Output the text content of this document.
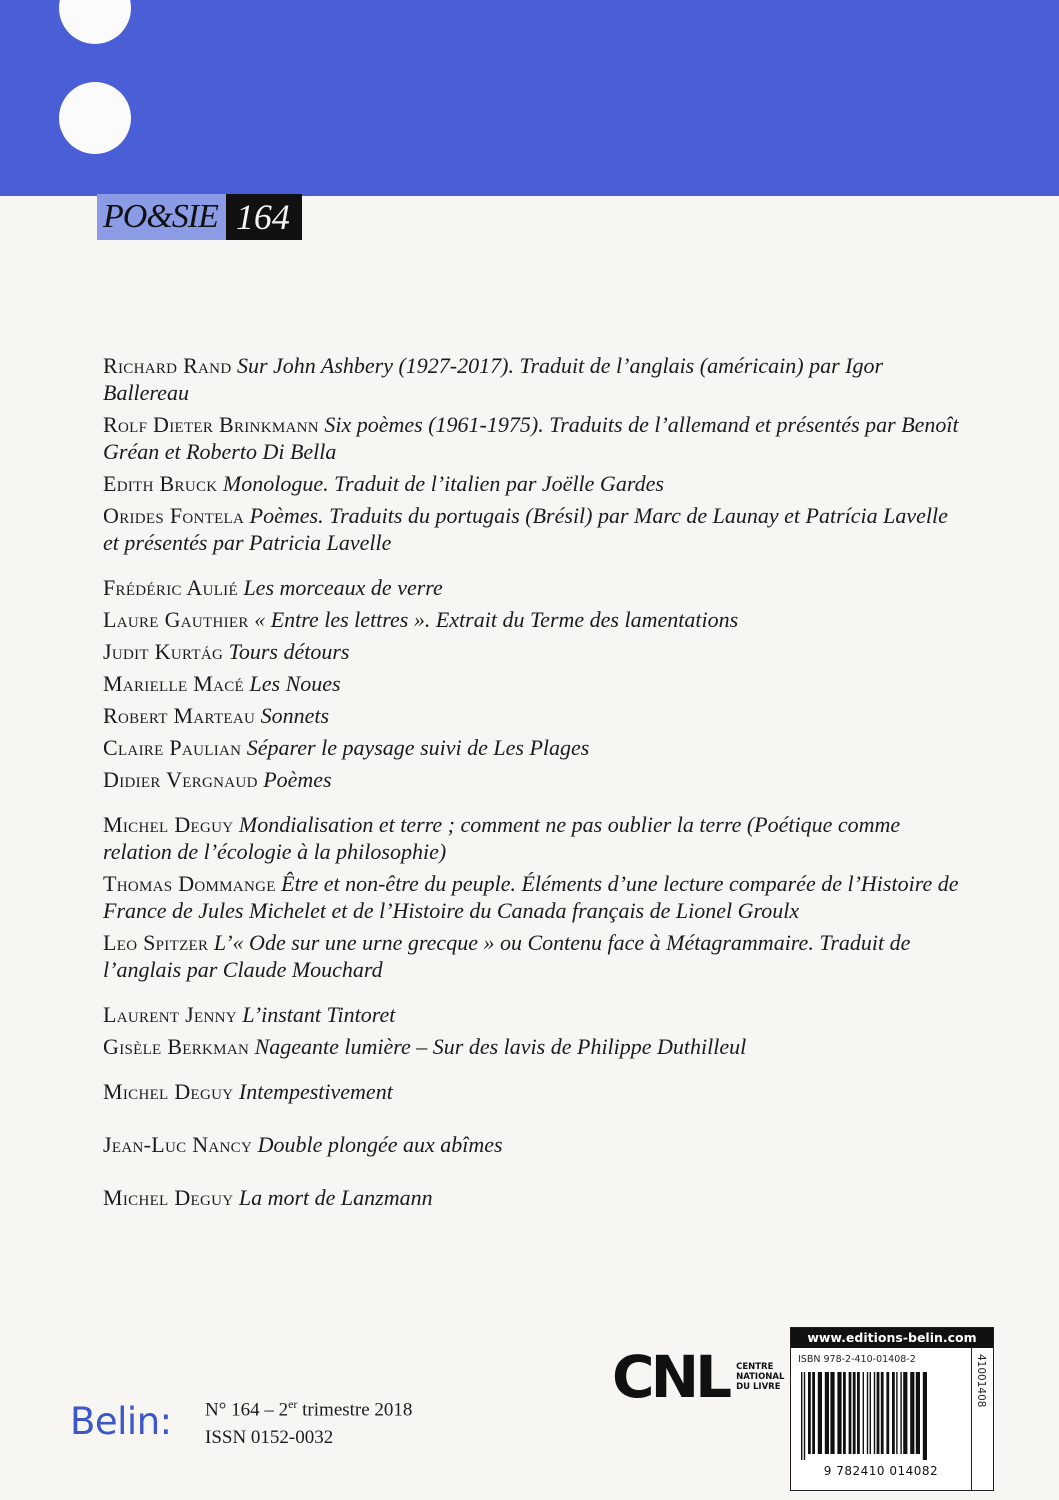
PO&SIE 164
Richard Rand Sur John Ashbery (1927-2017). Traduit de l’anglais (américain) par Igor Ballereau
Rolf Dieter Brinkmann Six poèmes (1961-1975). Traduits de l’allemand et présentés par Benoît Gréan et Roberto Di Bella
Edith Bruck Monologue. Traduit de l’italien par Joëlle Gardes
Orides Fontela Poèmes. Traduits du portugais (Brésil) par Marc de Launay et Patrícia Lavelle et présentés par Patricia Lavelle
Frédéric Aulié Les morceaux de verre
Laure Gauthier « Entre les lettres ». Extrait du Terme des lamentations
Judit Kurtág Tours détours
Marielle Macé Les Noues
Robert Marteau Sonnets
Claire Paulian Séparer le paysage suivi de Les Plages
Didier Vergnaud Poèmes
Michel Deguy Mondialisation et terre ; comment ne pas oublier la terre (Poétique comme relation de l’écologie à la philosophie)
Thomas Dommange Être et non-être du peuple. Éléments d’une lecture comparée de l’Histoire de France de Jules Michelet et de l’Histoire du Canada français de Lionel Groulx
Leo Spitzer L’« Ode sur une urne grecque » ou Contenu face à Métagrammaire. Traduit de l’anglais par Claude Mouchard
Laurent Jenny L’instant Tintoret
Gisèle Berkman Nageante lumière – Sur des lavis de Philippe Duthilleul
Michel Deguy Intempestivement
Jean-Luc Nancy Double plongée aux abîmes
Michel Deguy La mort de Lanzmann
Belin: N° 164 – 2er trimestre 2018
ISSN 0152-0032
CNL CENTRE
NATIONAL
DU LIVRE
www.editions-belin.com
ISBN 978-2-410-01408-2	41001408
9 782410 014082
